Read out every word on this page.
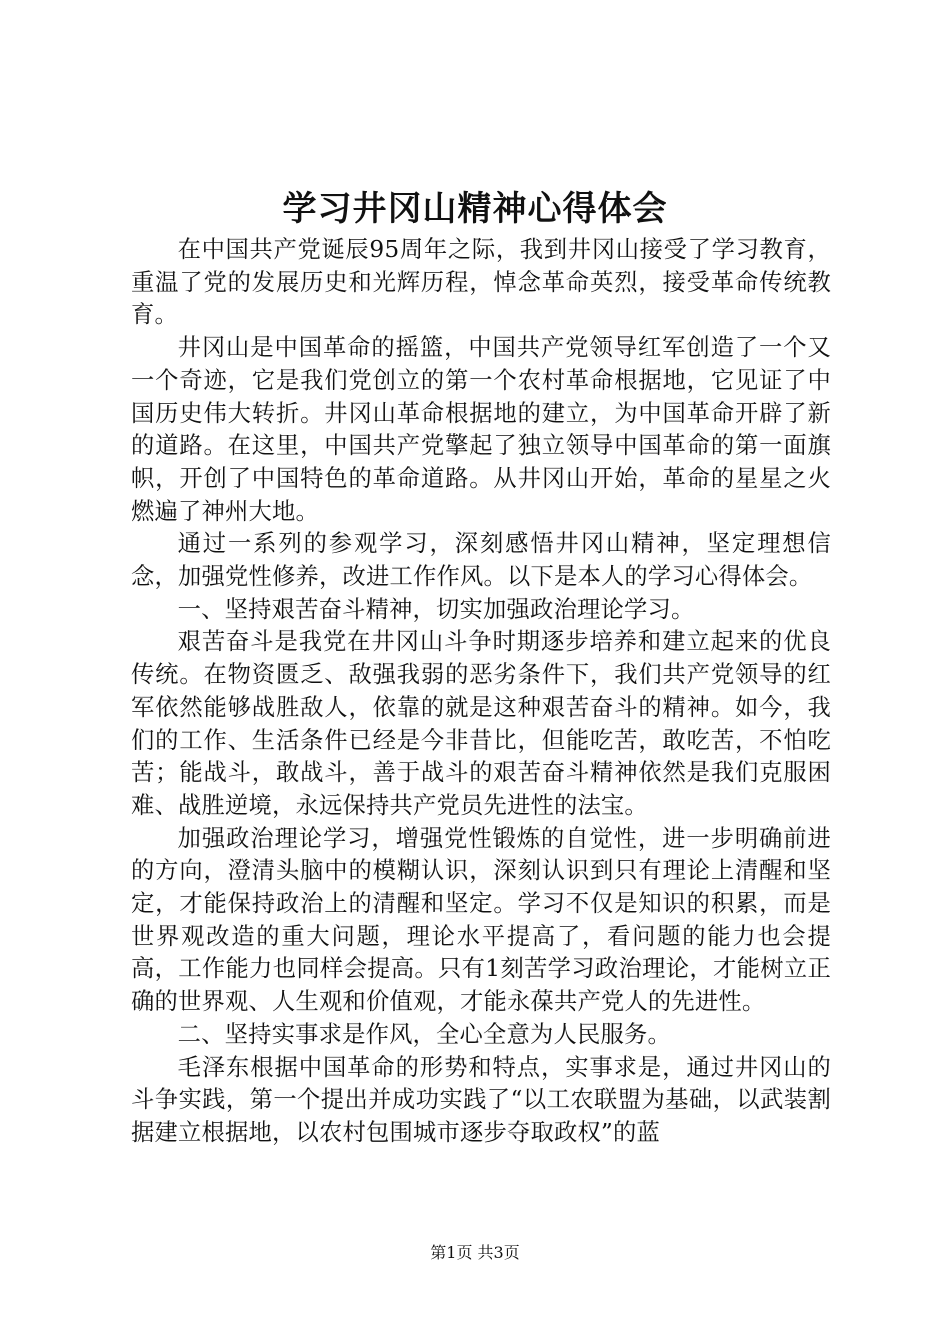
学习井冈山精神心得体会

在中国共产党诞辰95周年之际，我到井冈山接受了学习教育，重温了党的发展历史和光辉历程，悼念革命英烈，接受革命传统教育。

井冈山是中国革命的摇篮，中国共产党领导红军创造了一个又一个奇迹，它是我们党创立的第一个农村革命根据地，它见证了中国历史伟大转折。井冈山革命根据地的建立，为中国革命开辟了新的道路。在这里，中国共产党擎起了独立领导中国革命的第一面旗帜，开创了中国特色的革命道路。从井冈山开始，革命的星星之火燃遍了神州大地。

通过一系列的参观学习，深刻感悟井冈山精神，坚定理想信念，加强党性修养，改进工作作风。以下是本人的学习心得体会。

一、坚持艰苦奋斗精神，切实加强政治理论学习。

艰苦奋斗是我党在井冈山斗争时期逐步培养和建立起来的优良传统。在物资匮乏、敌强我弱的恶劣条件下，我们共产党领导的红军依然能够战胜敌人，依靠的就是这种艰苦奋斗的精神。如今，我们的工作、生活条件已经是今非昔比，但能吃苦，敢吃苦，不怕吃苦；能战斗，敢战斗，善于战斗的艰苦奋斗精神依然是我们克服困难、战胜逆境，永远保持共产党员先进性的法宝。

加强政治理论学习，增强党性锻炼的自觉性，进一步明确前进的方向，澄清头脑中的模糊认识，深刻认识到只有理论上清醒和坚定，才能保持政治上的清醒和坚定。学习不仅是知识的积累，而是世界观改造的重大问题，理论水平提高了，看问题的能力也会提高，工作能力也同样会提高。只有1刻苦学习政治理论，才能树立正确的世界观、人生观和价值观，才能永葆共产党人的先进性。

二、坚持实事求是作风，全心全意为人民服务。

毛泽东根据中国革命的形势和特点，实事求是，通过井冈山的斗争实践，第一个提出并成功实践了“以工农联盟为基础，以武装割据建立根据地，以农村包围城市逐步夺取政权”的蓝

第1页 共3页
